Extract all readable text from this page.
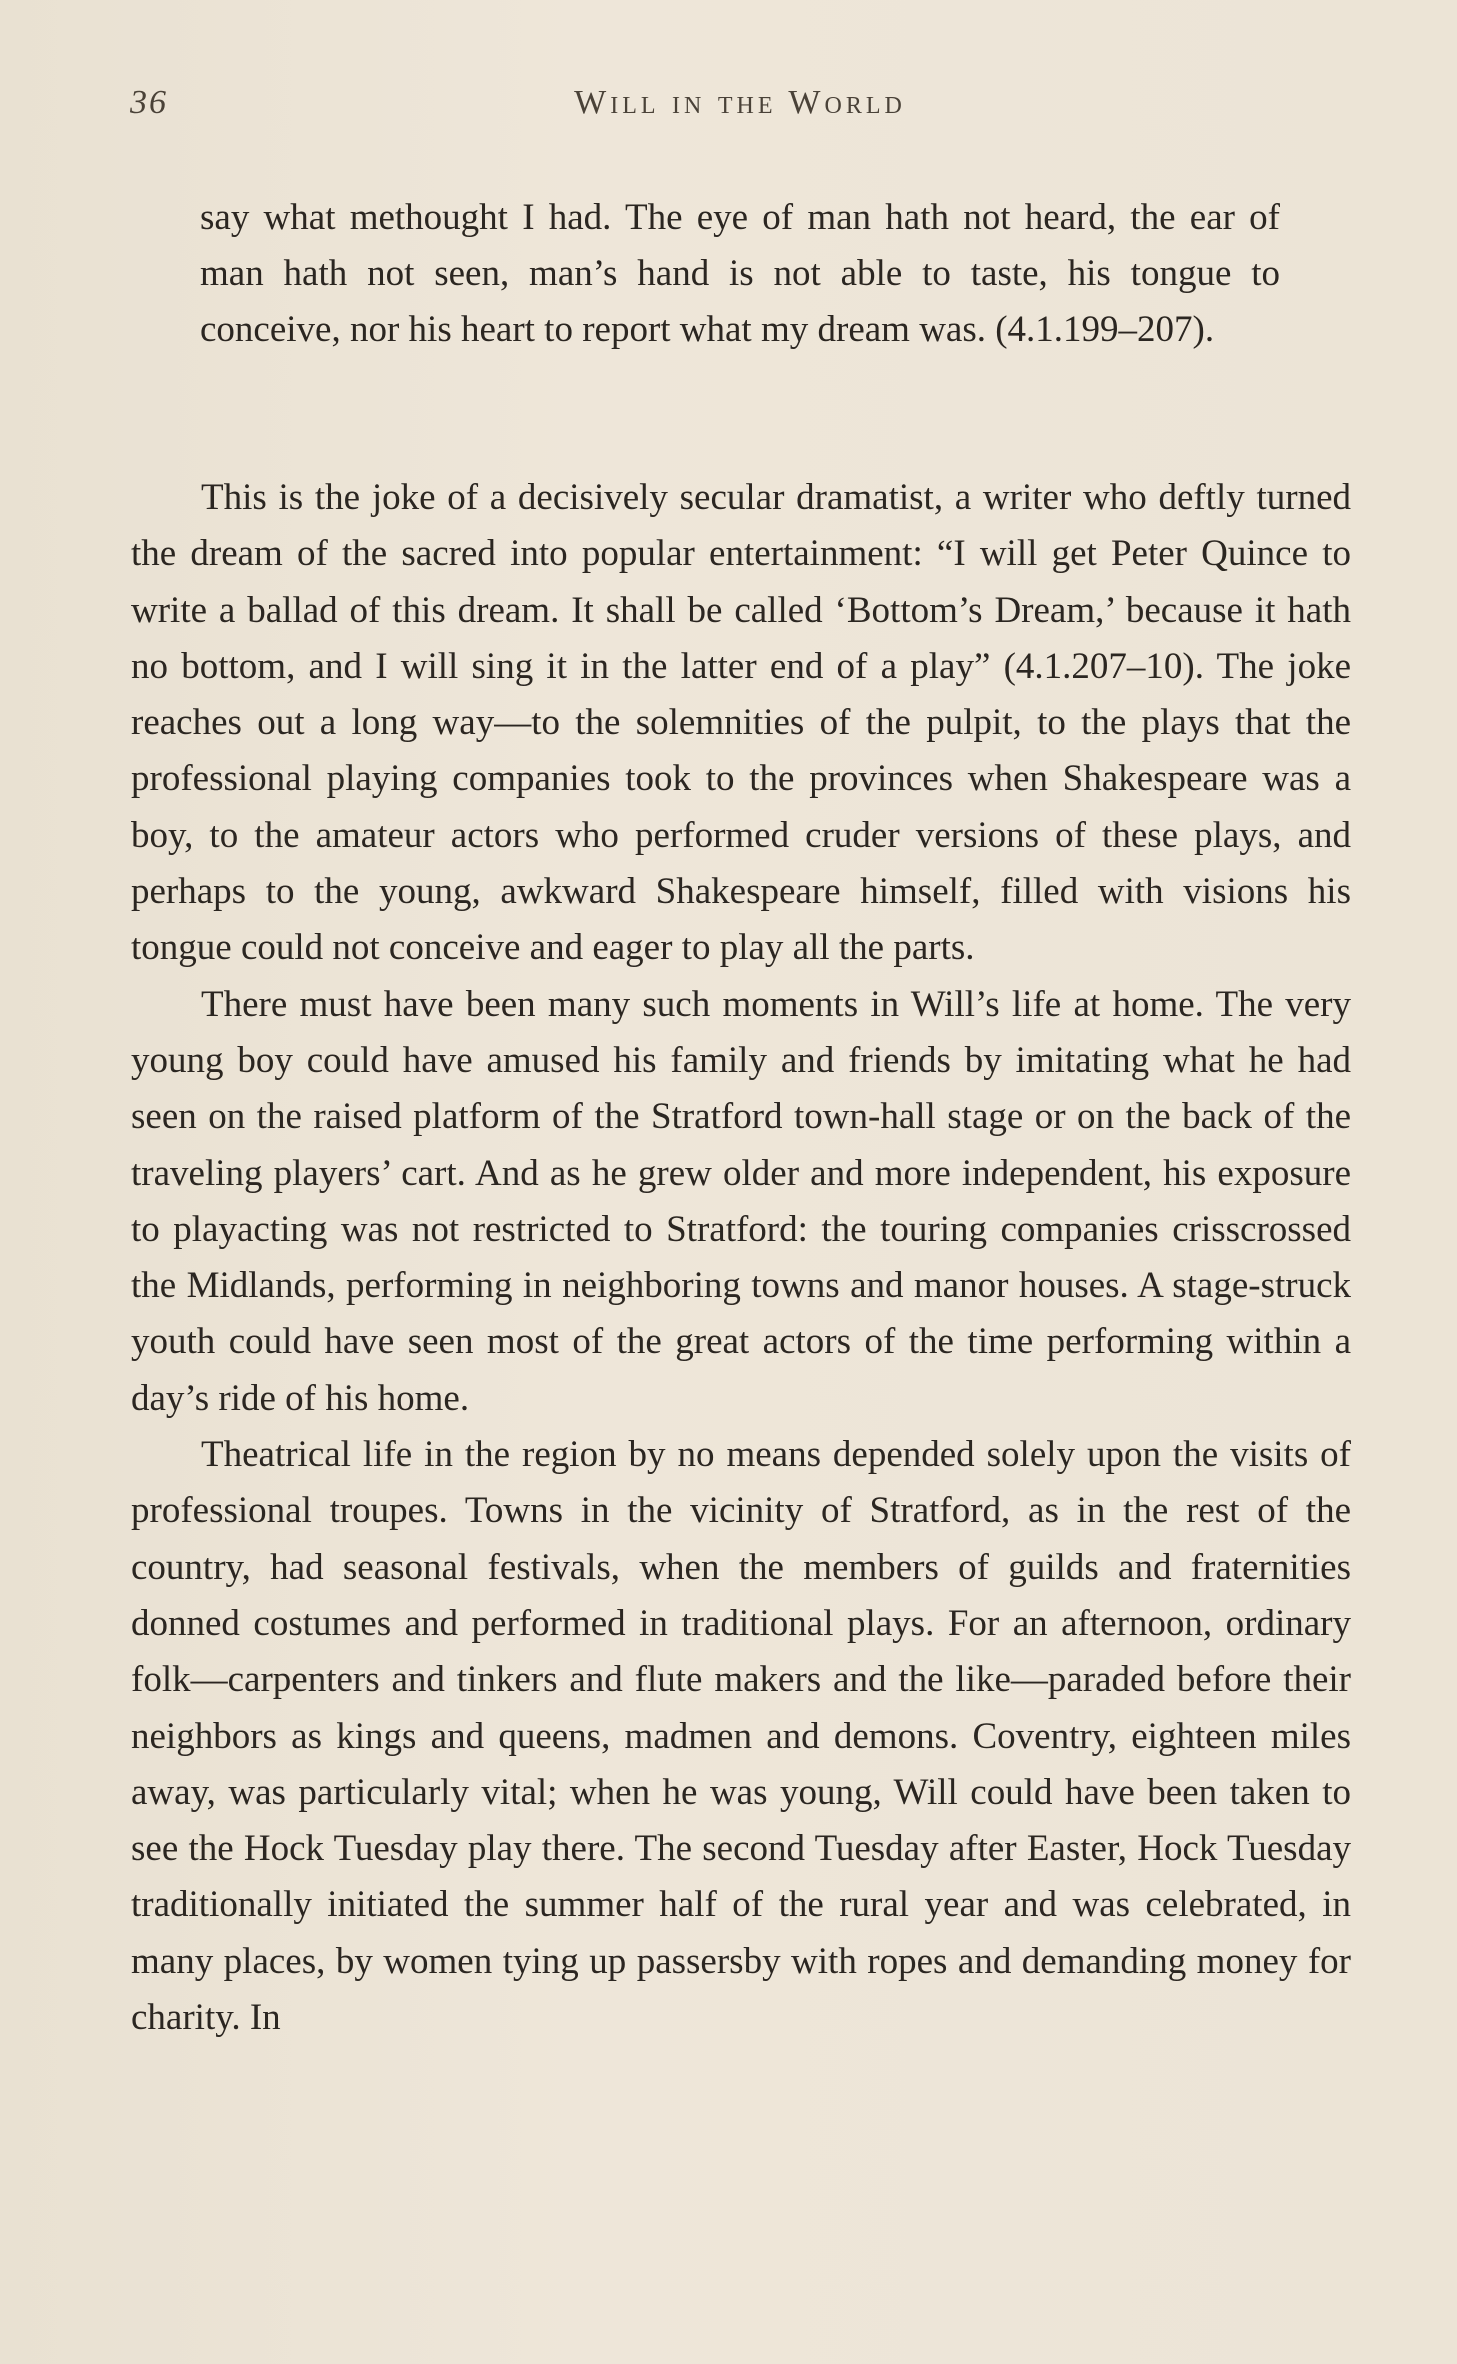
36	Will in the World

say what methought I had. The eye of man hath not heard, the ear of man hath not seen, man’s hand is not able to taste, his tongue to conceive, nor his heart to report what my dream was. (4.1.199–207).

This is the joke of a decisively secular dramatist, a writer who deftly turned the dream of the sacred into popular entertainment: “I will get Peter Quince to write a ballad of this dream. It shall be called ‘Bottom’s Dream,’ because it hath no bottom, and I will sing it in the latter end of a play” (4.1.207–10). The joke reaches out a long way—to the solemnities of the pulpit, to the plays that the professional playing companies took to the provinces when Shakespeare was a boy, to the amateur actors who performed cruder versions of these plays, and perhaps to the young, awkward Shakespeare himself, filled with visions his tongue could not conceive and eager to play all the parts.

There must have been many such moments in Will’s life at home. The very young boy could have amused his family and friends by imitating what he had seen on the raised platform of the Stratford town-hall stage or on the back of the traveling players’ cart. And as he grew older and more independent, his exposure to playacting was not restricted to Stratford: the touring companies crisscrossed the Midlands, performing in neighboring towns and manor houses. A stage-struck youth could have seen most of the great actors of the time performing within a day’s ride of his home.

Theatrical life in the region by no means depended solely upon the visits of professional troupes. Towns in the vicinity of Stratford, as in the rest of the country, had seasonal festivals, when the members of guilds and fraternities donned costumes and performed in traditional plays. For an afternoon, ordinary folk—carpenters and tinkers and flute makers and the like—paraded before their neighbors as kings and queens, madmen and demons. Coventry, eighteen miles away, was particularly vital; when he was young, Will could have been taken to see the Hock Tuesday play there. The second Tuesday after Easter, Hock Tuesday traditionally initiated the summer half of the rural year and was celebrated, in many places, by women tying up passersby with ropes and demanding money for charity. In
